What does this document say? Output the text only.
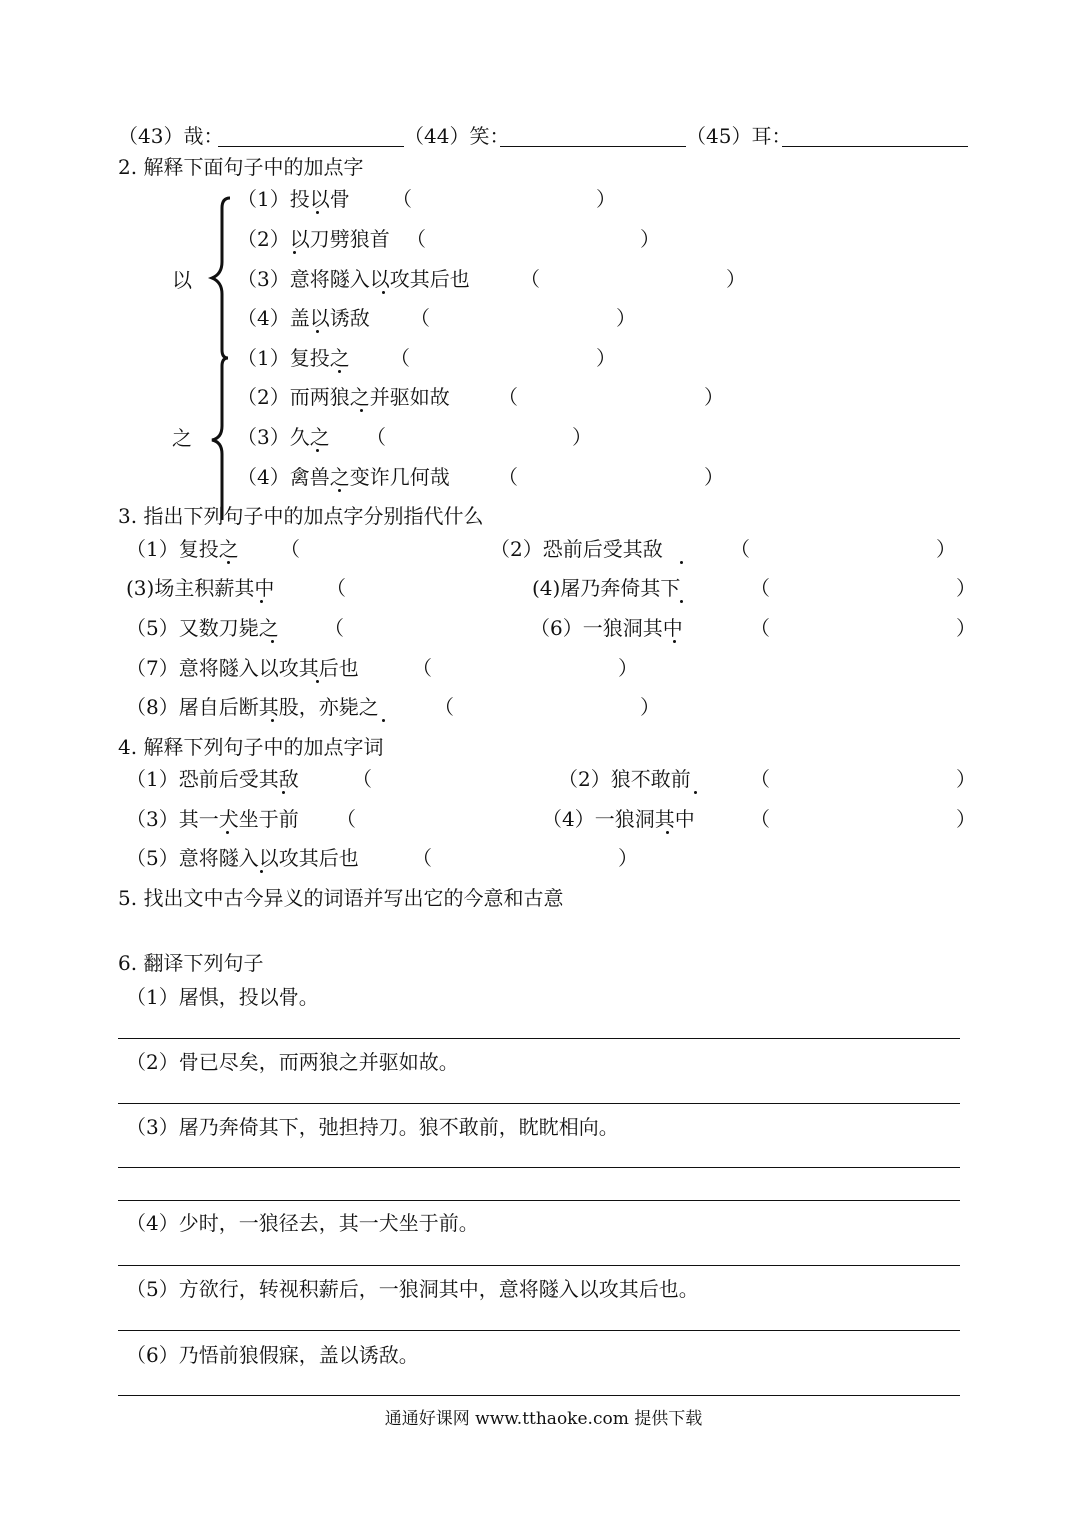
（43）哉：	（44）笑：	（45）耳：
2. 解释下面句子中的加点字
以
之
（1）投以骨 （	）
（2）以刀劈狼首 （	）
（3）意将隧入以攻其后也	（	）
（4）盖以诱敌 （	）
（1）复投之 （	）
（2）而两狼之并驱如故 （	）
（3）久之 （	）
（4）禽兽之变诈几何哉 （	）
3. 指出下列句子中的加点字分别指代什么
（1）复投之 （	（2）恐前后受其敌	（	）
(3)场主积薪其中	（	(4)屠乃奔倚其下	（	）
（5）又数刀毙之 （	（6）一狼洞其中	（	）
（7）意将隧入以攻其后也	（	）
（8）屠自后断其股，亦毙之	（	）
4. 解释下列句子中的加点字词
（1）恐前后受其敌	（	（2）狼不敢前	（	）
（3）其一犬坐于前 （	（4）一狼洞其中	（	）
（5）意将隧入以攻其后也	（	）
5. 找出文中古今异义的词语并写出它的今意和古意
6. 翻译下列句子
（1）屠惧，投以骨。
（2）骨已尽矣，而两狼之并驱如故。
（3）屠乃奔倚其下，弛担持刀。狼不敢前，眈眈相向。
（4）少时，一狼径去，其一犬坐于前。
（5）方欲行，转视积薪后，一狼洞其中，意将隧入以攻其后也。
（6）乃悟前狼假寐，盖以诱敌。
通通好课网 www.tthaoke.com 提供下载
